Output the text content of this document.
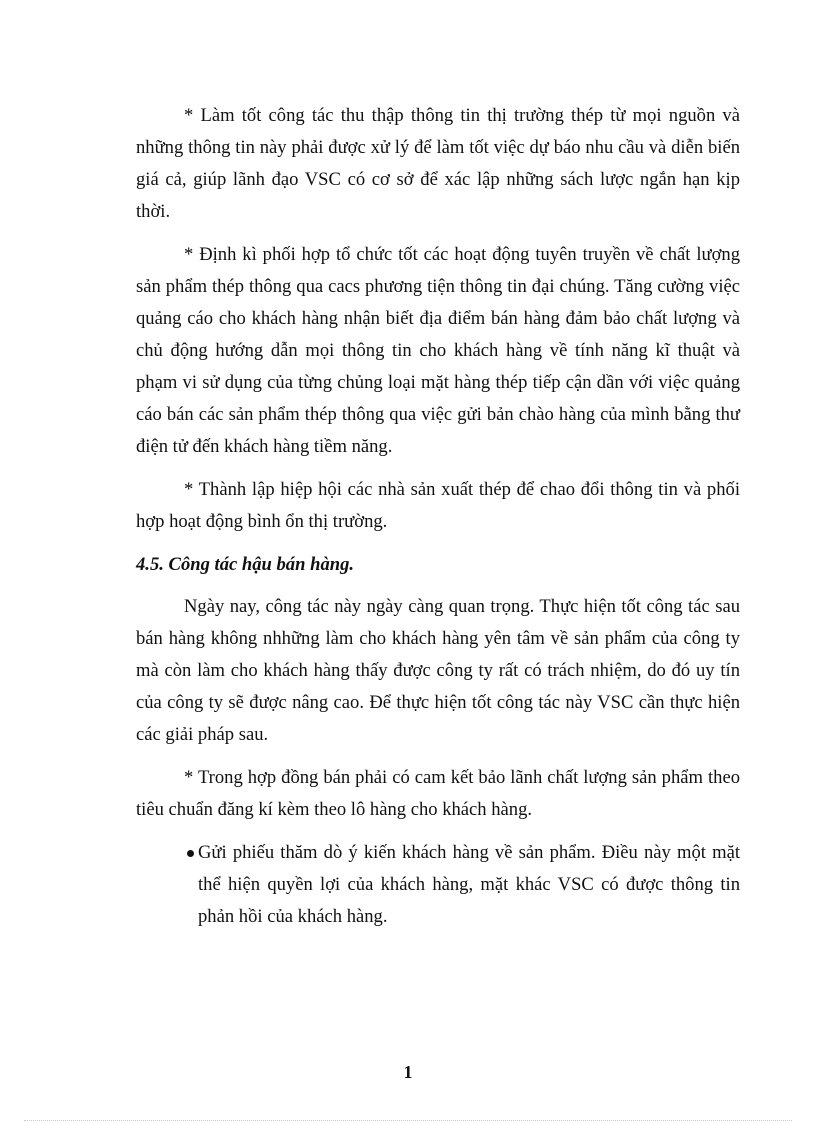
* Làm tốt công tác thu thập thông tin thị trường thép từ mọi nguồn và những thông tin này phải được xử lý để làm tốt việc dự báo nhu cầu và diễn biến giá cả, giúp lãnh đạo VSC có cơ sở để xác lập những sách lược ngắn hạn kịp thời.

* Định kì phối hợp tổ chức tốt các hoạt động tuyên truyền về chất lượng sản phẩm thép thông qua cacs phương tiện thông tin đại chúng. Tăng cường việc quảng cáo cho khách hàng nhận biết địa điểm bán hàng đảm bảo chất lượng và chủ động hướng dẫn mọi thông tin cho khách hàng về tính năng kĩ thuật và phạm vi sử dụng của từng chủng loại mặt hàng thép tiếp cận dần với việc quảng cáo bán các sản phẩm thép thông qua việc gửi bản chào hàng của mình bằng thư điện tử đến khách hàng tiềm năng.

* Thành lập hiệp hội các nhà sản xuất thép để chao đổi thông tin và phối hợp hoạt động bình ổn thị trường.

4.5. Công tác hậu bán hàng.

Ngày nay, công tác này ngày càng quan trọng. Thực hiện tốt công tác sau bán hàng không nhhững làm cho khách hàng yên tâm về sản phẩm của công ty mà còn làm cho khách hàng thấy được công ty rất có trách nhiệm, do đó uy tín của công ty sẽ được nâng cao. Để thực hiện tốt công tác này VSC cần thực hiện các giải pháp sau.

* Trong hợp đồng bán phải có cam kết bảo lãnh chất lượng sản phẩm theo tiêu chuẩn đăng kí kèm theo lô hàng cho khách hàng.

Gửi phiếu thăm dò ý kiến khách hàng về sản phẩm. Điều này một mặt thể hiện quyền lợi của khách hàng, mặt khác VSC có được thông tin phản hồi của khách hàng.
1
